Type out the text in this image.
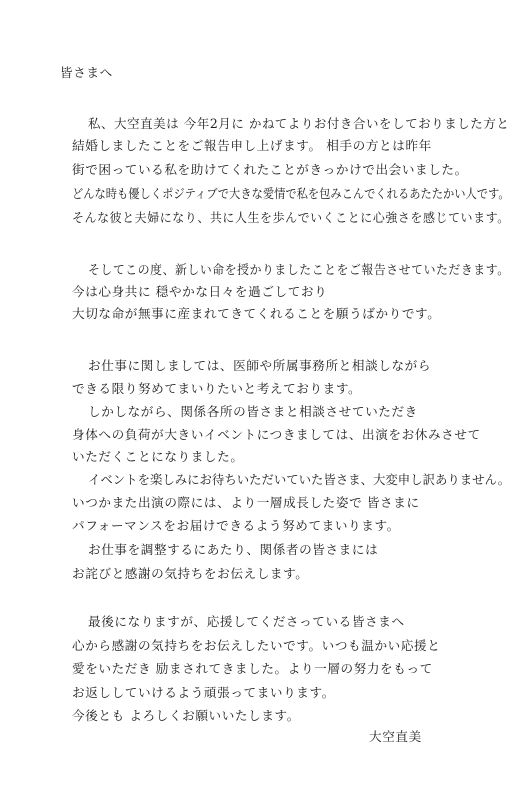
皆さまへ
私、大空直美は 今年2月に かねてよりお付き合いをしておりました方と
結婚しましたことをご報告申し上げます。 相手の方とは昨年
街で困っている私を助けてくれたことがきっかけで出会いました。
どんな時も優しくポジティブで大きな愛情で私を包みこんでくれるあたたかい人です。
そんな彼と夫婦になり、共に人生を歩んでいくことに心強さを感じています。
そしてこの度、新しい命を授かりましたことをご報告させていただきます。
今は心身共に 穏やかな日々を過ごしており
大切な命が無事に産まれてきてくれることを願うばかりです。
お仕事に関しましては、医師や所属事務所と相談しながら
できる限り努めてまいりたいと考えております。
しかしながら、関係各所の皆さまと相談させていただき
身体への負荷が大きいイベントにつきましては、出演をお休みさせて
いただくことになりました。
イベントを楽しみにお待ちいただいていた皆さま、大変申し訳ありません。
いつかまた出演の際には、より一層成長した姿で 皆さまに
パフォーマンスをお届けできるよう努めてまいります。
お仕事を調整するにあたり、関係者の皆さまには
お詫びと感謝の気持ちをお伝えします。
最後になりますが、応援してくださっている皆さまへ
心から感謝の気持ちをお伝えしたいです。いつも温かい応援と
愛をいただき 励まされてきました。より一層の努力をもって
お返ししていけるよう頑張ってまいります。
今後とも よろしくお願いいたします。
大空直美
